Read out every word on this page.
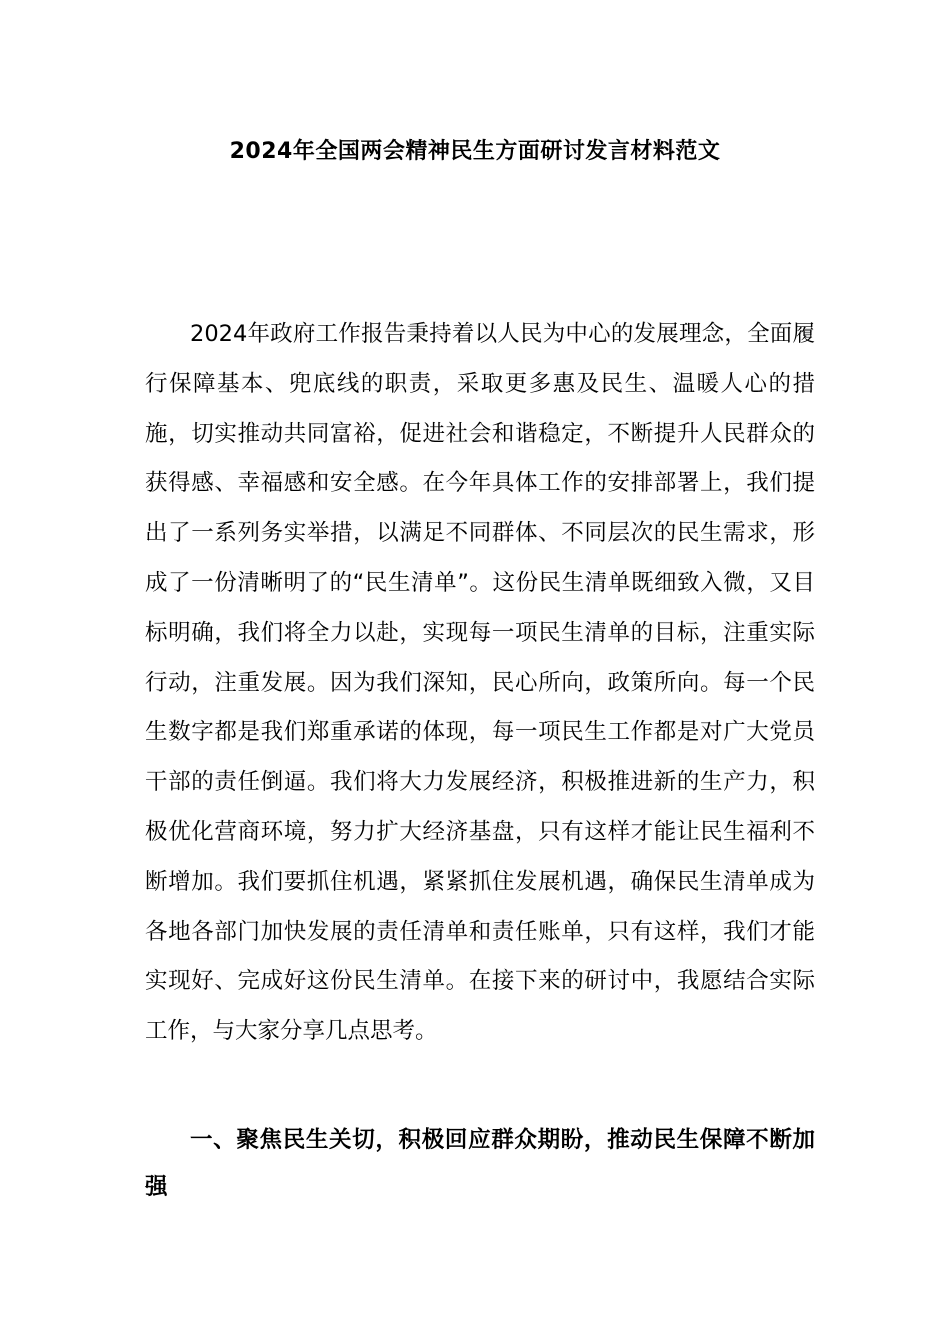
2024年全国两会精神民生方面研讨发言材料范文

2024年政府工作报告秉持着以人民为中心的发展理念，全面履行保障基本、兜底线的职责，采取更多惠及民生、温暖人心的措施，切实推动共同富裕，促进社会和谐稳定，不断提升人民群众的获得感、幸福感和安全感。在今年具体工作的安排部署上，我们提出了一系列务实举措，以满足不同群体、不同层次的民生需求，形成了一份清晰明了的“民生清单”。这份民生清单既细致入微，又目标明确，我们将全力以赴，实现每一项民生清单的目标，注重实际行动，注重发展。因为我们深知，民心所向，政策所向。每一个民生数字都是我们郑重承诺的体现，每一项民生工作都是对广大党员干部的责任倒逼。我们将大力发展经济，积极推进新的生产力，积极优化营商环境，努力扩大经济基盘，只有这样才能让民生福利不断增加。我们要抓住机遇，紧紧抓住发展机遇，确保民生清单成为各地各部门加快发展的责任清单和责任账单，只有这样，我们才能实现好、完成好这份民生清单。在接下来的研讨中，我愿结合实际工作，与大家分享几点思考。

一、聚焦民生关切，积极回应群众期盼，推动民生保障不断加强
